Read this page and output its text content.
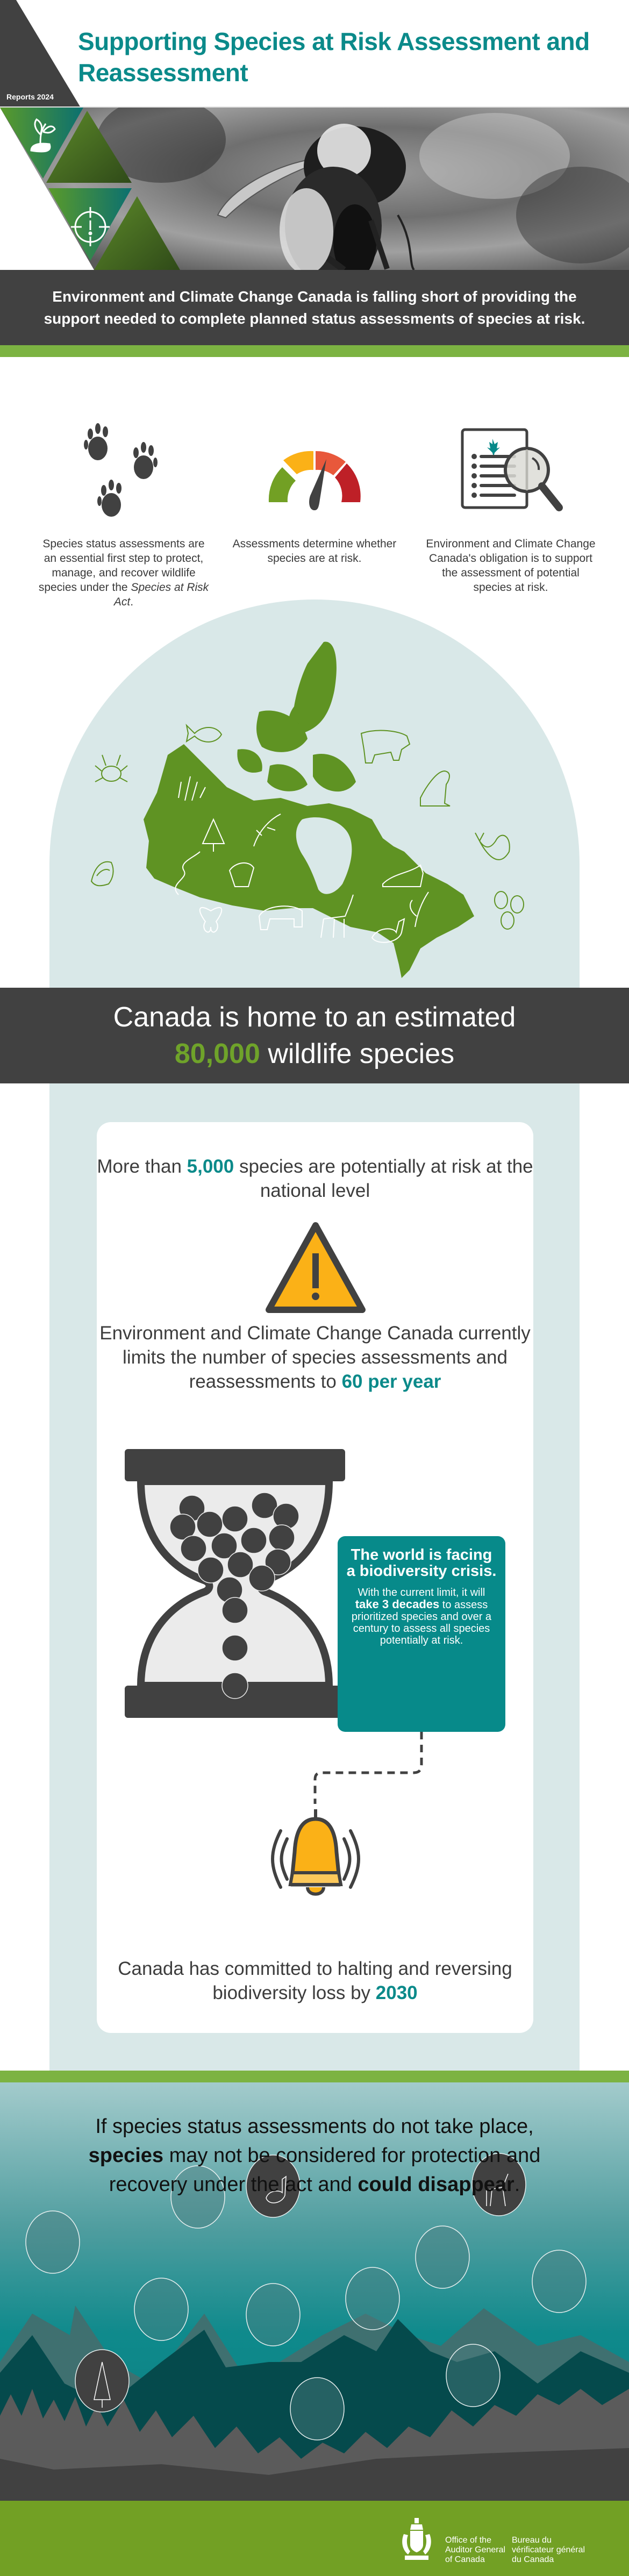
Reports 2024
Supporting Species at Risk Assessment and Reassessment

Environment and Climate Change Canada is falling short of providing the support needed to complete planned status assessments of species at risk.

Species status assessments are an essential first step to protect, manage, and recover wildlife species under the Species at Risk Act.

Assessments determine whether species are at risk.

Environment and Climate Change Canada's obligation is to support the assessment of potential species at risk.

Canada is home to an estimated
80,000 wildlife species

More than 5,000 species are potentially at risk at the national level
Environment and Climate Change Canada currently limits the number of species assessments and reassessments to 60 per year
The world is facing a biodiversity crisis.
With the current limit, it will take 3 decades to assess prioritized species and over a century to assess all species potentially at risk.
Canada has committed to halting and reversing biodiversity loss by 2030
If species status assessments do not take place,
species may not be considered for protection and
recovery under the act and could disappear.
Office of the
Auditor General
of Canada
Bureau du
vérificateur général
du Canada
